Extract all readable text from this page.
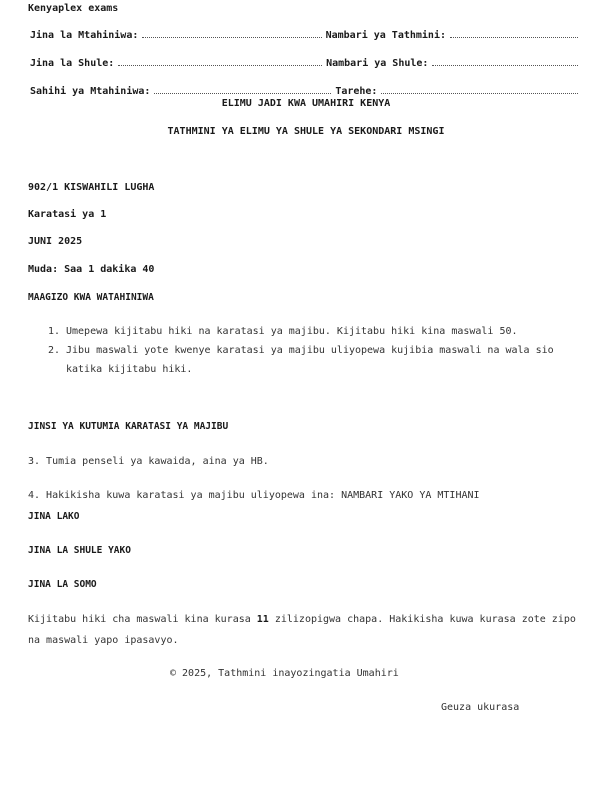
Kenyaplex exams
Jina la Mtahiniwa:	Nambari ya Tathmini:
Jina la Shule:	Nambari ya Shule:
Sahihi ya Mtahiniwa:	Tarehe:
ELIMU JADI KWA UMAHIRI KENYA
TATHMINI YA ELIMU YA SHULE YA SEKONDARI MSINGI
902/1 KISWAHILI LUGHA
Karatasi ya 1
JUNI 2025
Muda: Saa 1 dakika 40
MAAGIZO KWA WATAHINIWA
1. Umepewa kijitabu hiki na karatasi ya majibu. Kijitabu hiki kina maswali 50.
2. Jibu maswali yote kwenye karatasi ya majibu uliyopewa kujibia maswali na wala sio katika kijitabu hiki.
JINSI YA KUTUMIA KARATASI YA MAJIBU
3. Tumia penseli ya kawaida, aina ya HB.
4. Hakikisha kuwa karatasi ya majibu uliyopewa ina: NAMBARI YAKO YA MTIHANI
JINA LAKO
JINA LA SHULE YAKO
JINA LA SOMO
Kijitabu hiki cha maswali kina kurasa 11 zilizopigwa chapa. Hakikisha kuwa kurasa zote zipo na maswali yapo ipasavyo.
© 2025, Tathmini inayozingatia Umahiri
Geuza ukurasa
